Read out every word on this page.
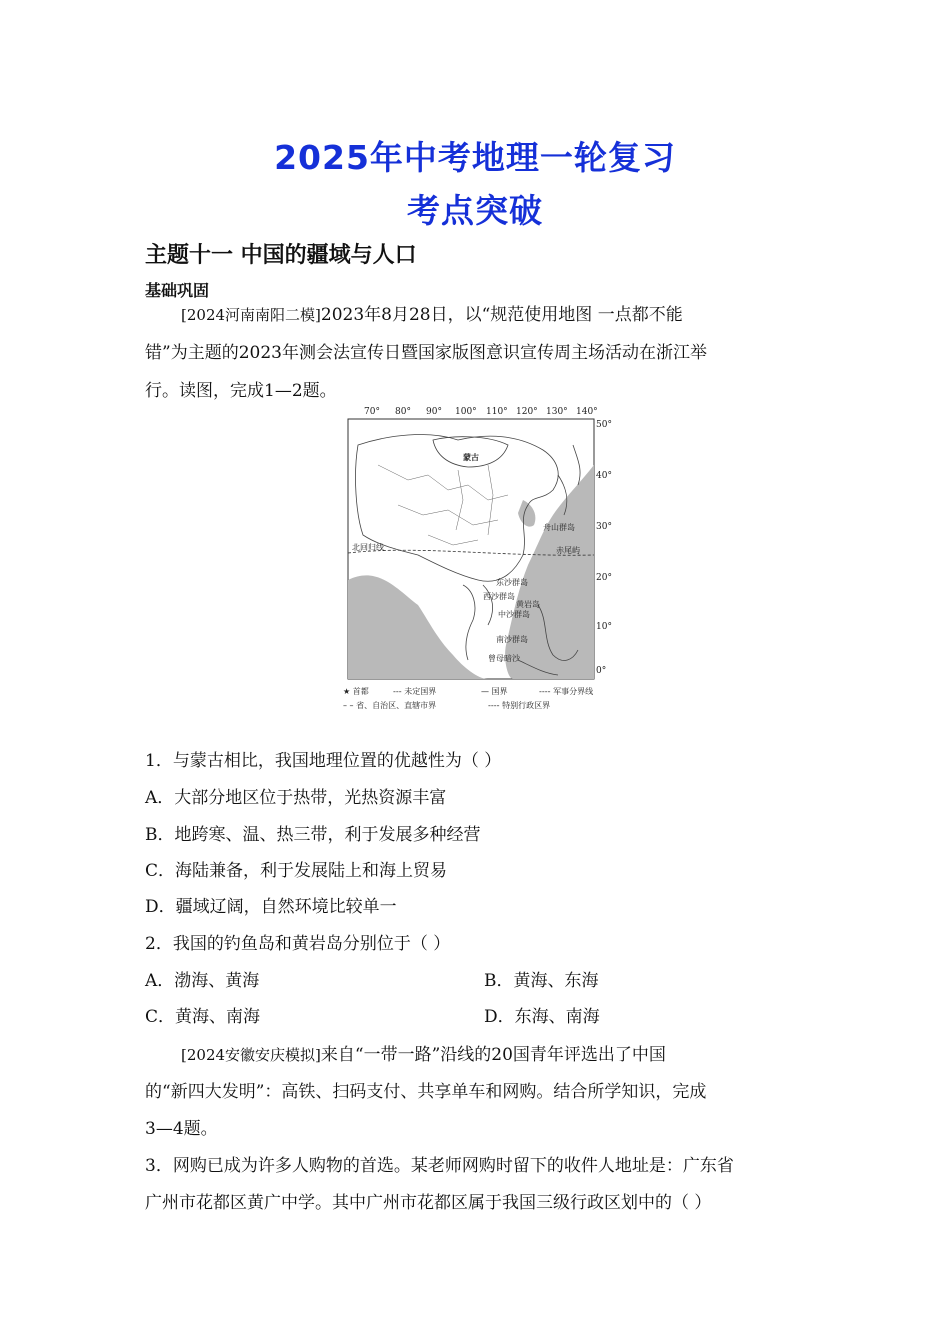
2025年中考地理一轮复习
考点突破
主题十一 中国的疆域与人口
基础巩固
[2024河南南阳二模]2023年8月28日，以“规范使用地图 一点都不能
错”为主题的2023年测会法宣传日暨国家版图意识宣传周主场活动在浙江举
行。读图，完成1—2题。
70° 80° 90° 100° 110° 120° 130° 140°
50°
40°
30°
20°
10°
0°
蒙古
北回归线
舟山群岛
赤尾屿
东沙群岛
西沙群岛
黄岩岛
中沙群岛
南沙群岛
曾母暗沙
★ 首都	--- 未定国界	— 国界	---- 军事分界线
– – 省、自治区、直辖市界	---- 特别行政区界
1．与蒙古相比，我国地理位置的优越性为（ ）
A．大部分地区位于热带，光热资源丰富
B．地跨寒、温、热三带，利于发展多种经营
C．海陆兼备，利于发展陆上和海上贸易
D．疆域辽阔，自然环境比较单一
2．我国的钓鱼岛和黄岩岛分别位于（ ）
A．渤海、黄海	B．黄海、东海
C．黄海、南海	D．东海、南海
[2024安徽安庆模拟]来自“一带一路”沿线的20国青年评选出了中国
的“新四大发明”：高铁、扫码支付、共享单车和网购。结合所学知识，完成
3—4题。
3．网购已成为许多人购物的首选。某老师网购时留下的收件人地址是：广东省
广州市花都区黄广中学。其中广州市花都区属于我国三级行政区划中的（ ）
